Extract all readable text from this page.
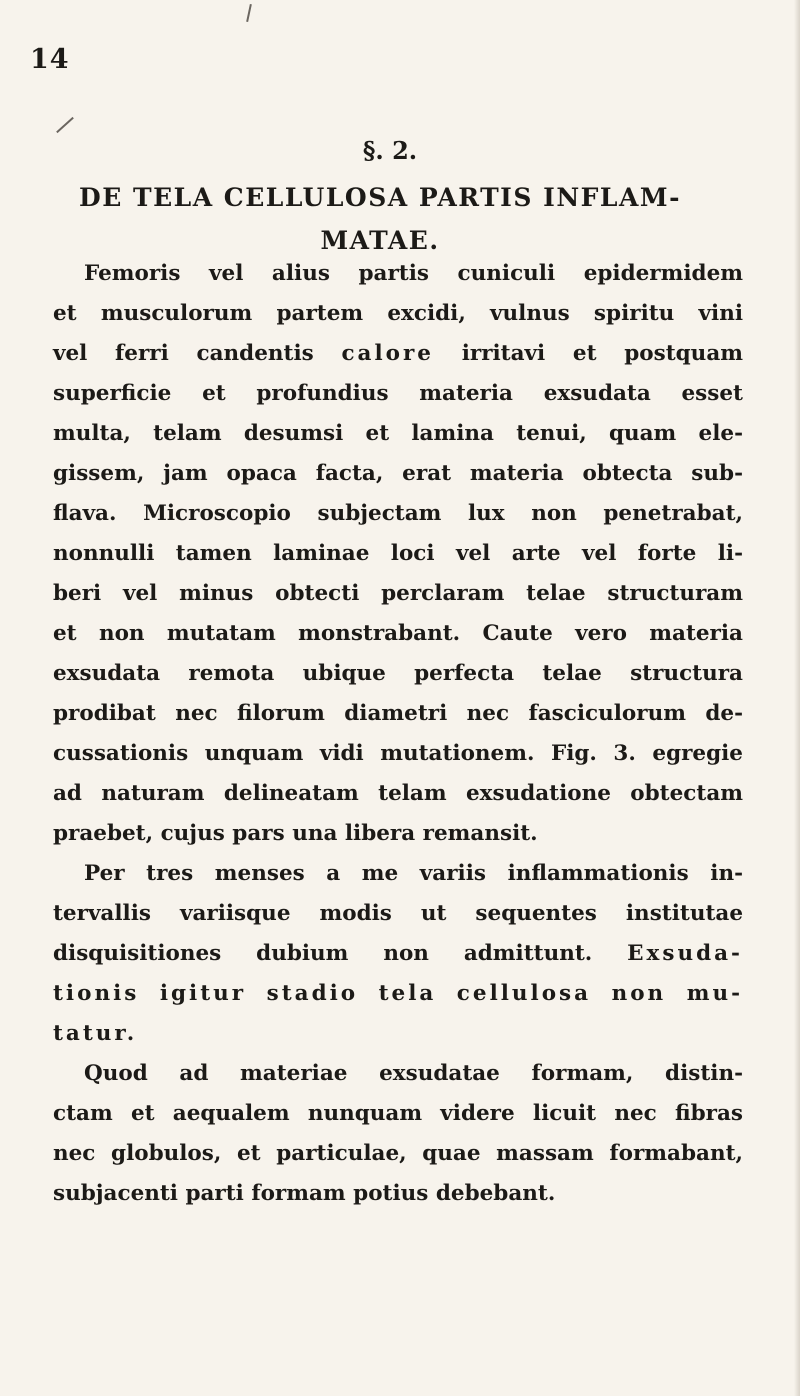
14
§. 2.
DE TELA CELLULOSA PARTIS INFLAM-
MATAE.
Femoris vel alius partis cuniculi epidermidem
et musculorum partem excidi, vulnus spiritu vini
vel ferri candentis calore irritavi et postquam
superficie et profundius materia exsudata esset
multa, telam desumsi et lamina tenui, quam ele-
gissem, jam opaca facta, erat materia obtecta sub-
flava. Microscopio subjectam lux non penetrabat,
nonnulli tamen laminae loci vel arte vel forte li-
beri vel minus obtecti perclaram telae structuram
et non mutatam monstrabant. Caute vero materia
exsudata remota ubique perfecta telae structura
prodibat nec filorum diametri nec fasciculorum de-
cussationis unquam vidi mutationem. Fig. 3. egregie
ad naturam delineatam telam exsudatione obtectam
praebet, cujus pars una libera remansit.
Per tres menses a me variis inflammationis in-
tervallis variisque modis ut sequentes institutae
disquisitiones dubium non admittunt. Exsuda-
tionis igitur stadio tela cellulosa non mu-
tatur.
Quod ad materiae exsudatae formam, distin-
ctam et aequalem nunquam videre licuit nec fibras
nec globulos, et particulae, quae massam formabant,
subjacenti parti formam potius debebant.
